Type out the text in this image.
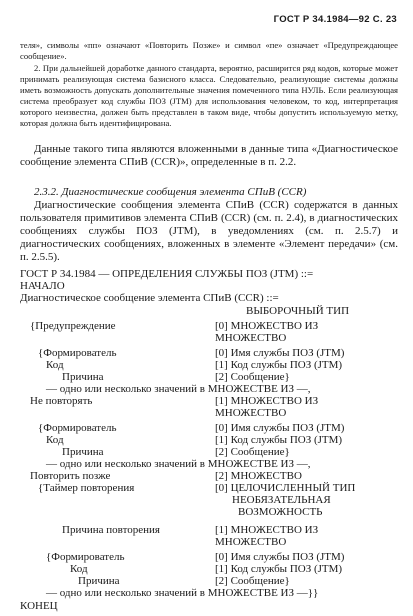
ГОСТ Р 34.1984—92 С. 23
теля», символы «пп» означают «Повторить Позже» и символ «пе» означает «Предупреждающее сообщение».
2. При дальнейшей доработке данного стандарта, вероятно, расширится ряд кодов, которые может принимать реализующая система базисного класса. Следовательно, реализующие системы должны иметь возможность допускать дополнительные значения помеченного типа НУЛЬ. Если реализующая система преобразует код службы ПОЗ (JTM) для использования человеком, то код, интерпретация которого неизвестна, должен быть представлен в таком виде, чтобы допустить используемую метку, которая должна быть идентифицирована.
Данные такого типа являются вложенными в данные типа «Диагностическое сообщение элемента СПиВ (CCR)», определенные в п. 2.2.
2.3.2. Диагностические сообщения элемента СПиВ (CCR)
Диагностические сообщения элемента СПиВ (CCR) содержатся в данных пользователя примитивов элемента СПиВ (CCR) (см. п. 2.4), в диагностических сообщениях службы ПОЗ (JTM), в уведомлениях (см. п. 2.5.7) и диагностических сообщениях, вложенных в элементе «Элемент передачи» (см. п. 2.5.5).
ГОСТ Р 34.1984 — ОПРЕДЕЛЕНИЯ СЛУЖБЫ ПОЗ (JTM) ::=
НАЧАЛО
Диагностическое сообщение элемента СПиВ (CCR) ::=
ВЫБОРОЧНЫЙ ТИП
{Предупреждение	[0] МНОЖЕСТВО ИЗ
МНОЖЕСТВО
{Формирователь	[0] Имя службы ПОЗ (JTM)
Код	[1] Код службы ПОЗ (JTM)
Причина	[2] Сообщение}
— одно или несколько значений в МНОЖЕСТВЕ ИЗ —,
Не повторять	[1] МНОЖЕСТВО ИЗ
МНОЖЕСТВО
{Формирователь	[0] Имя службы ПОЗ (JTM)
Код	[1] Код службы ПОЗ (JTM)
Причина	[2] Сообщение}
— одно или несколько значений в МНОЖЕСТВЕ ИЗ —,
Повторить позже	[2] МНОЖЕСТВО
{Таймер повторения	[0] ЦЕЛОЧИСЛЕННЫЙ ТИП
НЕОБЯЗАТЕЛЬНАЯ
ВОЗМОЖНОСТЬ
Причина повторения	[1] МНОЖЕСТВО ИЗ
МНОЖЕСТВО
{Формирователь	[0] Имя службы ПОЗ (JTM)
Код	[1] Код службы ПОЗ (JTM)
Причина	[2] Сообщение}
— одно или несколько значений в МНОЖЕСТВЕ ИЗ —}}
КОНЕЦ
